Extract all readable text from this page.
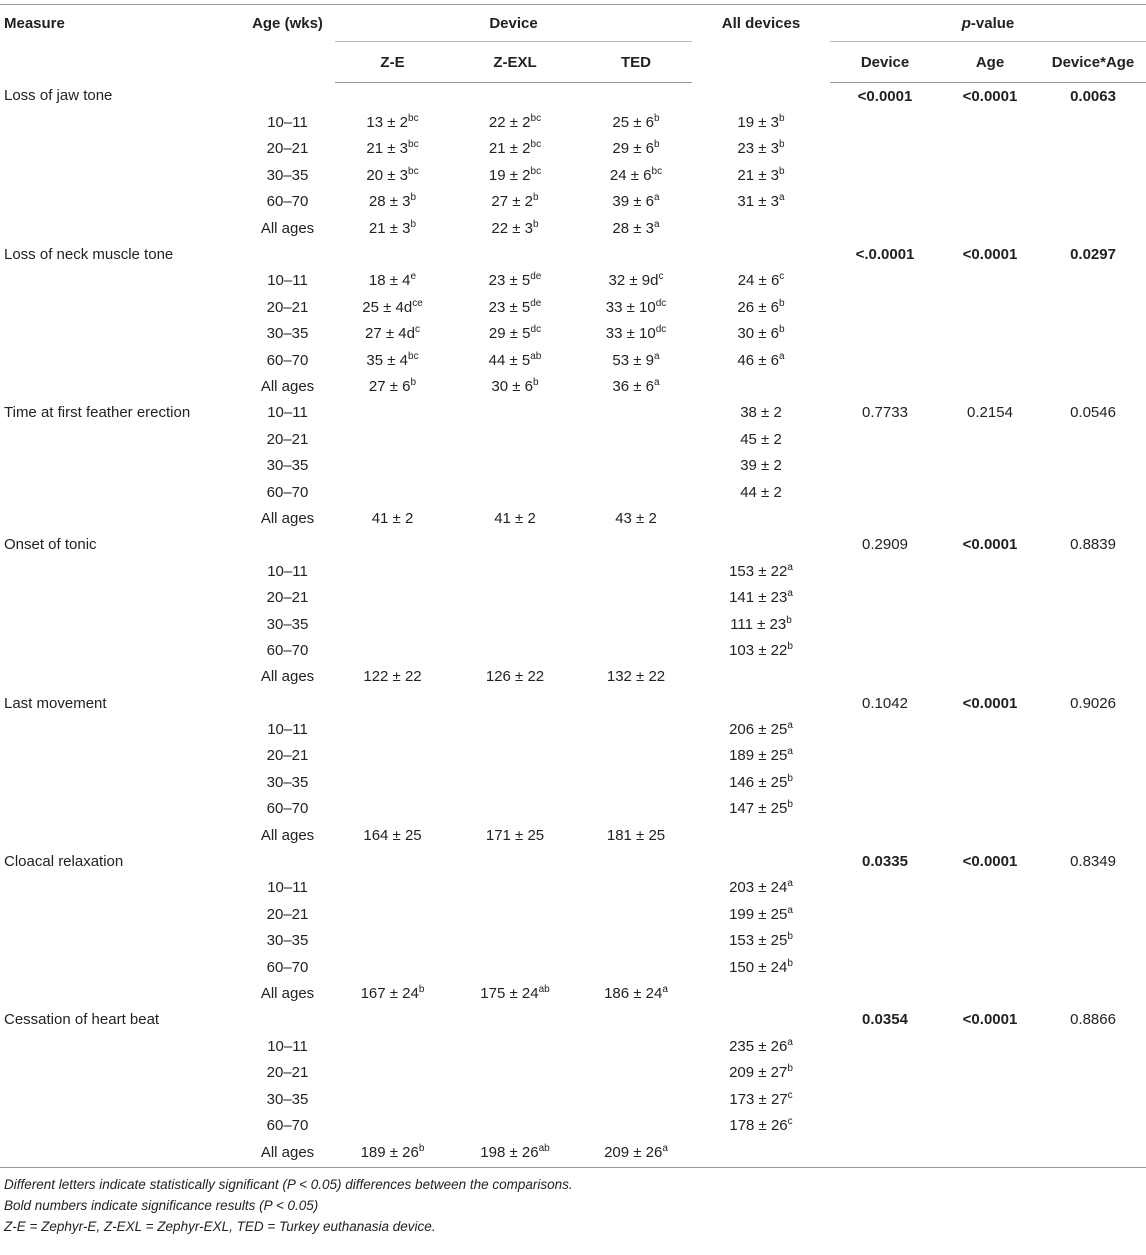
Measure	Age (wks)	Device			All devices	p-value		
		Z-E	Z-EXL	TED		Device	Age	Device*Age
Loss of jaw tone						<0.0001	<0.0001	0.0063
	10–11	$13 \pm 2^{bc}$	$22 \pm 2^{bc}$	$25 \pm 6^b$	$19 \pm 3^b$			
	20–21	$21 \pm 3^{bc}$	$21 \pm 2^{bc}$	$29 \pm 6^b$	$23 \pm 3^b$			
	30–35	$20 \pm 3^{bc}$	$19 \pm 2^{bc}$	$24 \pm 6^{bc}$	$21 \pm 3^b$			
	60–70	$28 \pm 3^b$	$27 \pm 2^b$	$39 \pm 6^a$	$31 \pm 3^a$			
	All ages	$21 \pm 3^b$	$22 \pm 3^b$	$28 \pm 3^a$				
Loss of neck muscle tone						<.0.0001	<0.0001	0.0297
	10–11	$18 \pm 4^e$	23 ± 5de	$32 \pm 9d^c$	$24 \pm 6^c$			
	20–21	$25 \pm 4d^{ce}$	23 ± 5de	$33 \pm 10^{dc}$	$26 \pm 6^b$			
	30–35	$27 \pm 4d^c$	$29 \pm 5^{dc}$	$33 \pm 10^{dc}$	$30 \pm 6^b$			
	60–70	$35 \pm 4^{bc}$	$44 \pm 5^{ab}$	$53 \pm 9^a$	$46 \pm 6^a$			
	All ages	$27 \pm 6^b$	$30 \pm 6^b$	$36 \pm 6^a$				
Time at first feather erection	10–11				38 ± 2	0.7733	0.2154	0.0546
	20–21				45 ± 2			
	30–35				39 ± 2			
	60–70				44 ± 2			
	All ages	41 ± 2	41 ± 2	43 ± 2				
Onset of tonic						0.2909	<0.0001	0.8839
	10–11				$153 \pm 22^a$			
	20–21				$141 \pm 23^a$			
	30–35				$111 \pm 23^b$			
	60–70				$103 \pm 22^b$			
	All ages	122 ± 22	126 ± 22	132 ± 22				
Last movement						0.1042	<0.0001	0.9026
	10–11				$206 \pm 25^a$			
	20–21				$189 \pm 25^a$			
	30–35				$146 \pm 25^b$			
	60–70				$147 \pm 25^b$			
	All ages	164 ± 25	171 ± 25	181 ± 25				
Cloacal relaxation						0.0335	<0.0001	0.8349
	10–11				$203 \pm 24^a$			
	20–21				$199 \pm 25^a$			
	30–35				$153 \pm 25^b$			
	60–70				$150 \pm 24^b$			
	All ages	$167 \pm 24^b$	$175 \pm 24^{ab}$	$186 \pm 24^a$				
Cessation of heart beat						0.0354	<0.0001	0.8866
	10–11				$235 \pm 26^a$			
	20–21				$209 \pm 27^b$			
	30–35				$173 \pm 27^c$			
	60–70				$178 \pm 26^c$			
	All ages	$189 \pm 26^b$	$198 \pm 26^{ab}$	$209 \pm 26^a$				
Different letters indicate statistically significant (P < 0.05) differences between the comparisons.
Bold numbers indicate significance results (P < 0.05)
Z-E = Zephyr-E, Z-EXL = Zephyr-EXL, TED = Turkey euthanasia device.
